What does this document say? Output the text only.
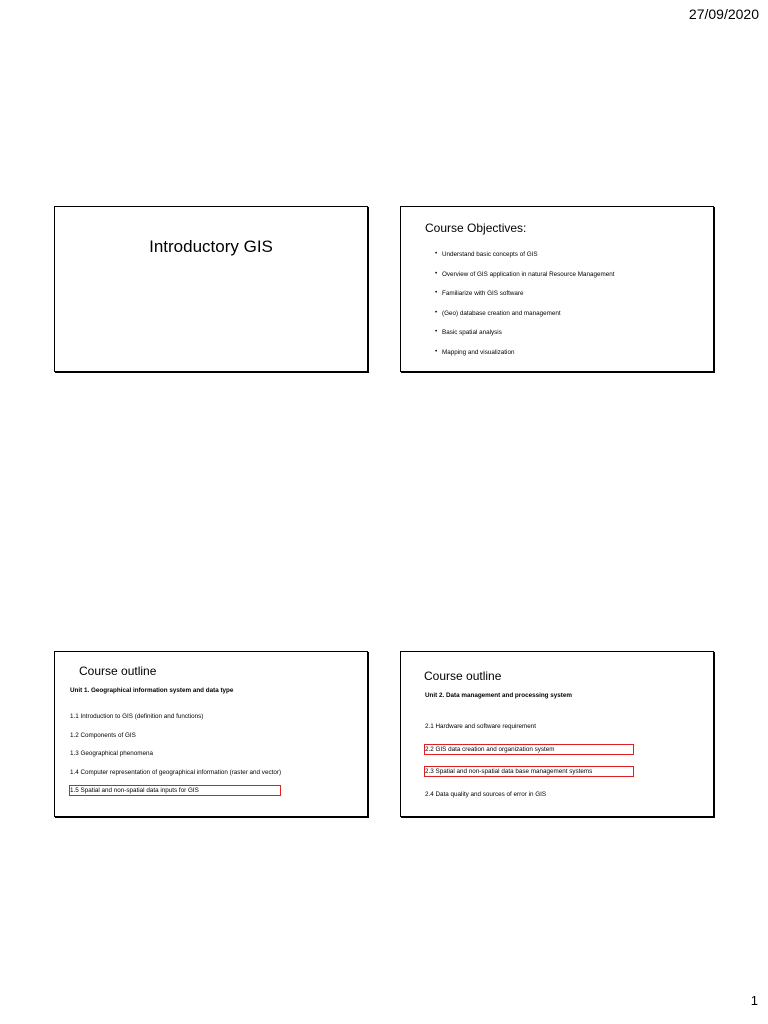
27/09/2020
Introductory GIS
Course Objectives:
• Understand basic concepts of GIS
• Overview of GIS application in natural Resource Management
• Familiarize with GIS software
• (Geo) database creation and management
• Basic spatial analysis
• Mapping and visualization
Course outline
Unit 1. Geographical information system and data type
1.1 Introduction to GIS (definition and functions)
1.2 Components of GIS
1.3 Geographical phenomena
1.4 Computer representation of geographical information (raster and vector)
1.5 Spatial and non-spatial data inputs for GIS
Course outline
Unit 2. Data management and processing system
2.1 Hardware and software requirement
2.2 GIS data creation and organization system
2.3 Spatial and non-spatial data base management systems
2.4 Data quality and sources of error in GIS
1
